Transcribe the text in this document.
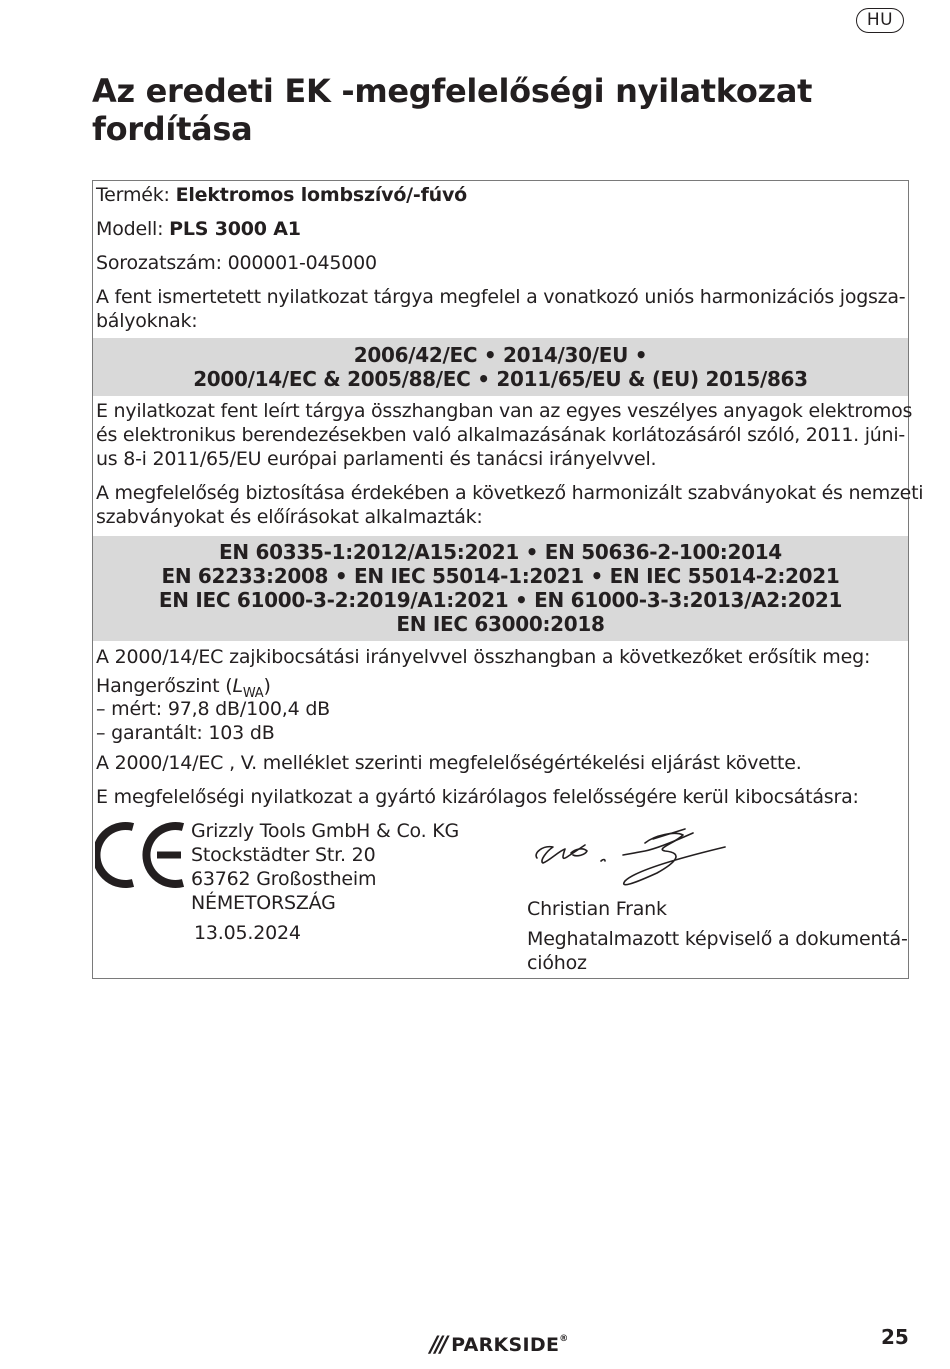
HU
Az eredeti EK -megfelelőségi nyilatkozat
fordítása
Termék: Elektromos lombszívó/-fúvó
Modell: PLS 3000 A1
Sorozatszám: 000001-045000
A fent ismertetett nyilatkozat tárgya megfelel a vonatkozó uniós harmonizációs jogsza-
bályoknak:
2006/42/EC • 2014/30/EU •
2000/14/EC & 2005/88/EC • 2011/65/EU & (EU) 2015/863
E nyilatkozat fent leírt tárgya összhangban van az egyes veszélyes anyagok elektromos
és elektronikus berendezésekben való alkalmazásának korlátozásáról szóló, 2011. júni-
us 8-i 2011/65/EU európai parlamenti és tanácsi irányelvvel.
A megfelelőség biztosítása érdekében a következő harmonizált szabványokat és nemzeti
szabványokat és előírásokat alkalmazták:
EN 60335-1:2012/A15:2021 • EN 50636-2-100:2014
EN 62233:2008 • EN IEC 55014-1:2021 • EN IEC 55014-2:2021
EN IEC 61000-3-2:2019/A1:2021 • EN 61000-3-3:2013/A2:2021
EN IEC 63000:2018
A 2000/14/EC zajkibocsátási irányelvvel összhangban a következőket erősítik meg:
Hangerőszint $(L_{WA})$
– mért: 97,8 dB/100,4 dB
– garantált: 103 dB
A 2000/14/EC , V. melléklet szerinti megfelelőségértékelési eljárást követte.
E megfelelőségi nyilatkozat a gyártó kizárólagos felelősségére kerül kibocsátásra:
Grizzly Tools GmbH & Co. KG
Stockstädter Str. 20
63762 Großostheim
NÉMETORSZÁG
13.05.2024
Christian Frank
Meghatalmazott képviselő a dokumentá-
cióhoz
/// PARKSIDE®	25
